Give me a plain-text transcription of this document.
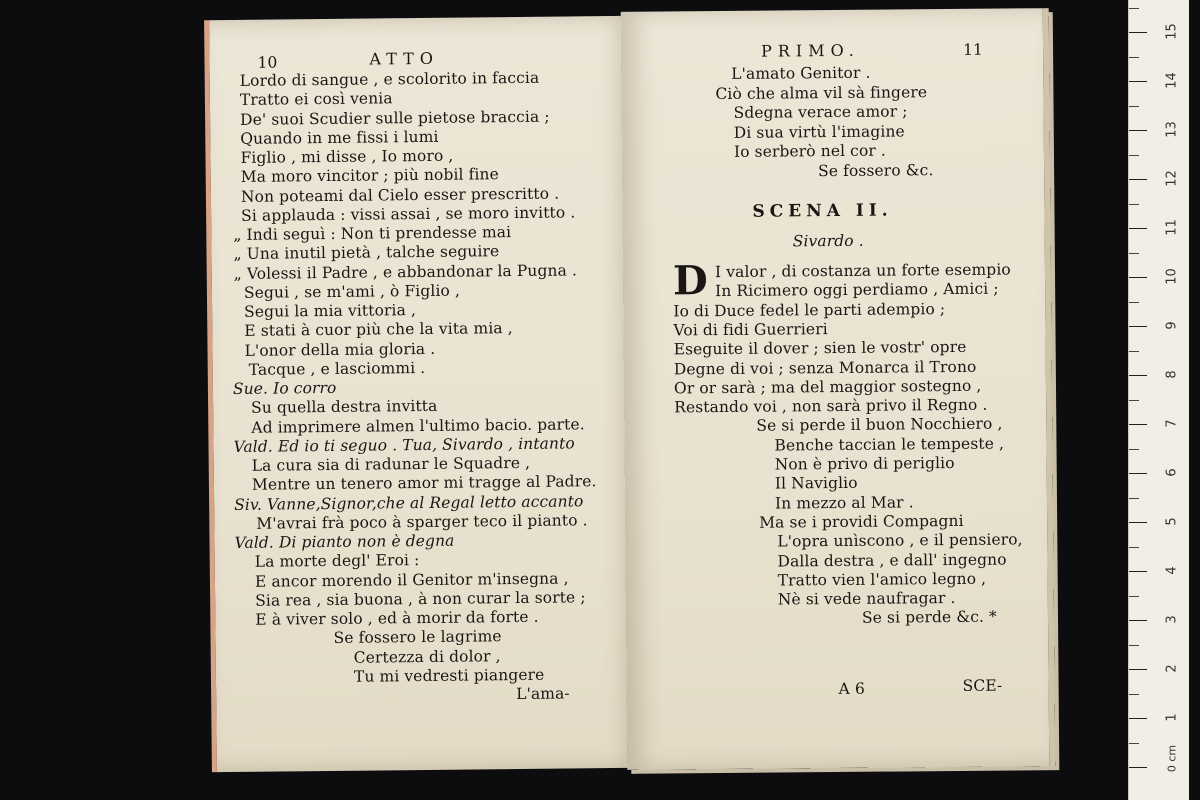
10	ATTO
Lordo di sangue , e scolorito in faccia
Tratto ei così venia
De' suoi Scudier sulle pietose braccia ;
Quando in me fissi i lumi
Figlio , mi disse , Io moro ,
Ma moro vincitor ; più nobil fine
Non poteami dal Cielo esser prescritto .
Si applauda : vissi assai , se moro invitto .
„ Indi seguì : Non ti prendesse mai
„ Una inutil pietà , talche seguire
„ Volessi il Padre , e abbandonar la Pugna .
Segui , se m'ami , ò Figlio ,
Segui la mia vittoria ,
E stati à cuor più che la vita mia ,
L'onor della mia gloria .
Tacque , e lasciommi .
Sue. Io corro
Su quella destra invitta
Ad imprimere almen l'ultimo bacio. parte.
Vald. Ed io ti seguo . Tua, Sivardo , intanto
La cura sia di radunar le Squadre ,
Mentre un tenero amor mi tragge al Padre.
Siv. Vanne,Signor,che al Regal letto accanto
M'avrai frà poco à sparger teco il pianto .
Vald. Di pianto non è degna
La morte degl' Eroi :
E ancor morendo il Genitor m'insegna ,
Sia rea , sia buona , à non curar la sorte ;
E à viver solo , ed à morir da forte .
Se fossero le lagrime
Certezza di dolor ,
Tu mi vedresti piangere
L'ama-
PRIMO.	11
L'amato Genitor .
Ciò che alma vil sà fingere
Sdegna verace amor ;
Di sua virtù l'imagine
Io serberò nel cor .
Se fossero &c.
SCENA II.
Sivardo .
D I valor , di costanza un forte esempio
In Ricimero oggi perdiamo , Amici ;
Io di Duce fedel le parti adempio ;
Voi di fidi Guerrieri
Eseguite il dover ; sien le vostr' opre
Degne di voi ; senza Monarca il Trono
Or or sarà ; ma del maggior sostegno ,
Restando voi , non sarà privo il Regno .
Se si perde il buon Nocchiero ,
Benche taccian le tempeste ,
Non è privo di periglio
Il Naviglio
In mezzo al Mar .
Ma se i providi Compagni
L'opra unìscono , e il pensiero,
Dalla destra , e dall' ingegno
Tratto vien l'amico legno ,
Nè si vede naufragar .
Se si perde &c. *
A 6	SCE-
1
2
3
4
5
6
7
8
9
10
11
12
13
14
15
0 cm
